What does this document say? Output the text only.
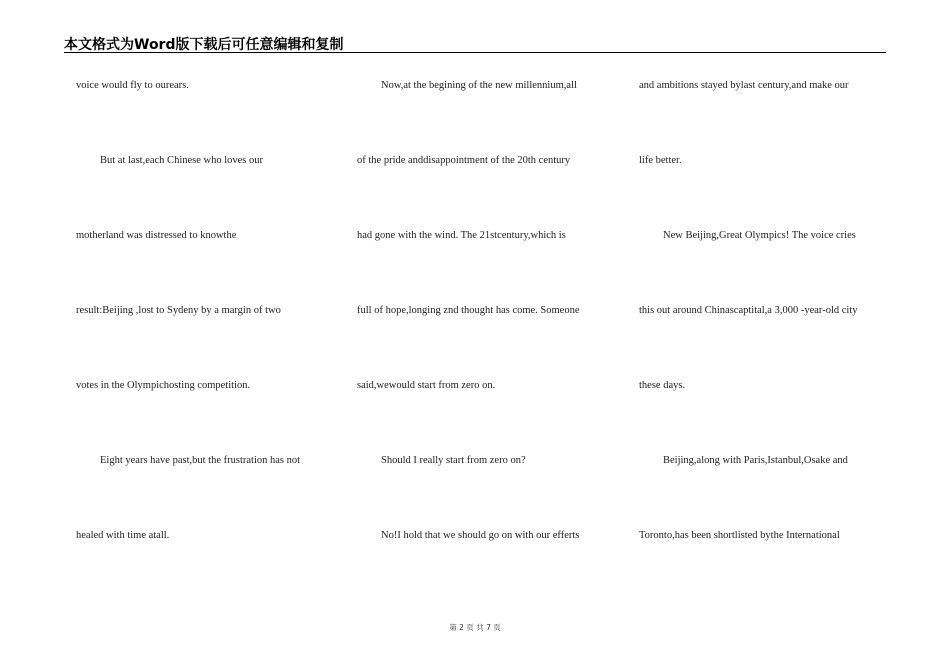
本文格式为Word版下载后可任意编辑和复制
voice would fly to ourears.
But at last,each Chinese who loves our
motherland was distressed to knowthe
result:Beijing ,lost to Sydeny by a margin of two
votes in the Olympichosting competition.
Eight years have past,but the frustration has not
healed with time atall.
Now,at the begining of the new millennium,all
of the pride anddisappointment of the 20th century
had gone with the wind. The 21stcentury,which is
full of hope,longing znd thought has come. Someone
said,wewould start from zero on.
Should I really start from zero on?
No!I hold that we should go on with our efferts
and ambitions stayed bylast century,and make our
life better.
New Beijing,Great Olympics! The voice cries
this out around Chinascaptital,a 3,000 -year-old city
these days.
Beijing,along with Paris,Istanbul,Osake and
Toronto,has been shortlisted bythe International
第 2 页 共 7 页
